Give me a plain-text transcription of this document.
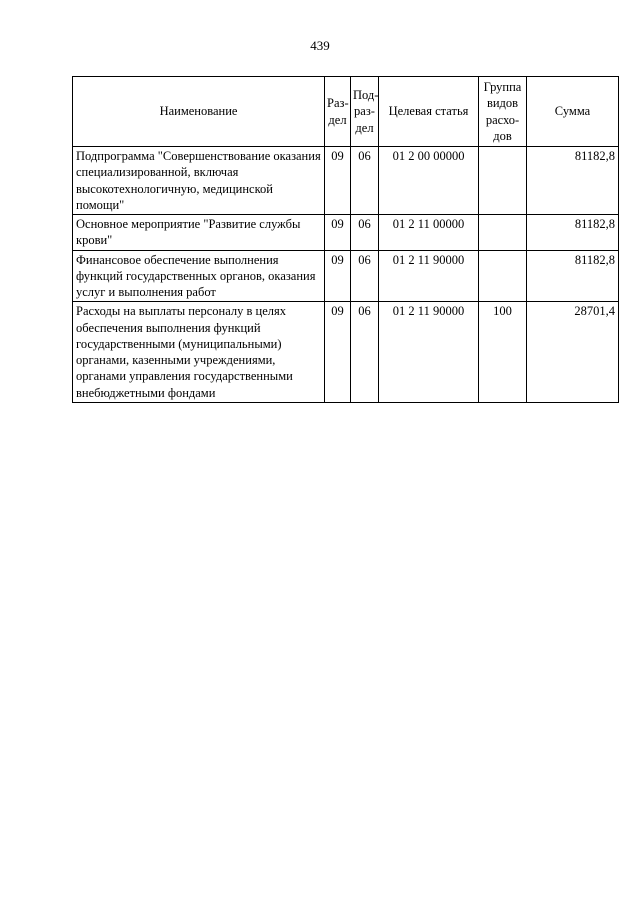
439
Наименование	Раз-дел	Под-раз-дел	Целевая статья	Группа видов расхо-дов	Сумма
Подпрограмма "Совершенствование оказания специализированной, включая высокотехнологичную, медицинской помощи"	09	06	01 2 00 00000		81182,8
Основное мероприятие "Развитие службы крови"	09	06	01 2 11 00000		81182,8
Финансовое обеспечение выполнения функций государственных органов, оказания услуг и выполнения работ	09	06	01 2 11 90000		81182,8
Расходы на выплаты персоналу в целях обеспечения выполнения функций государственными (муниципальными) органами, казенными учреждениями, органами управления государственными внебюджетными фондами	09	06	01 2 11 90000	100	28701,4
